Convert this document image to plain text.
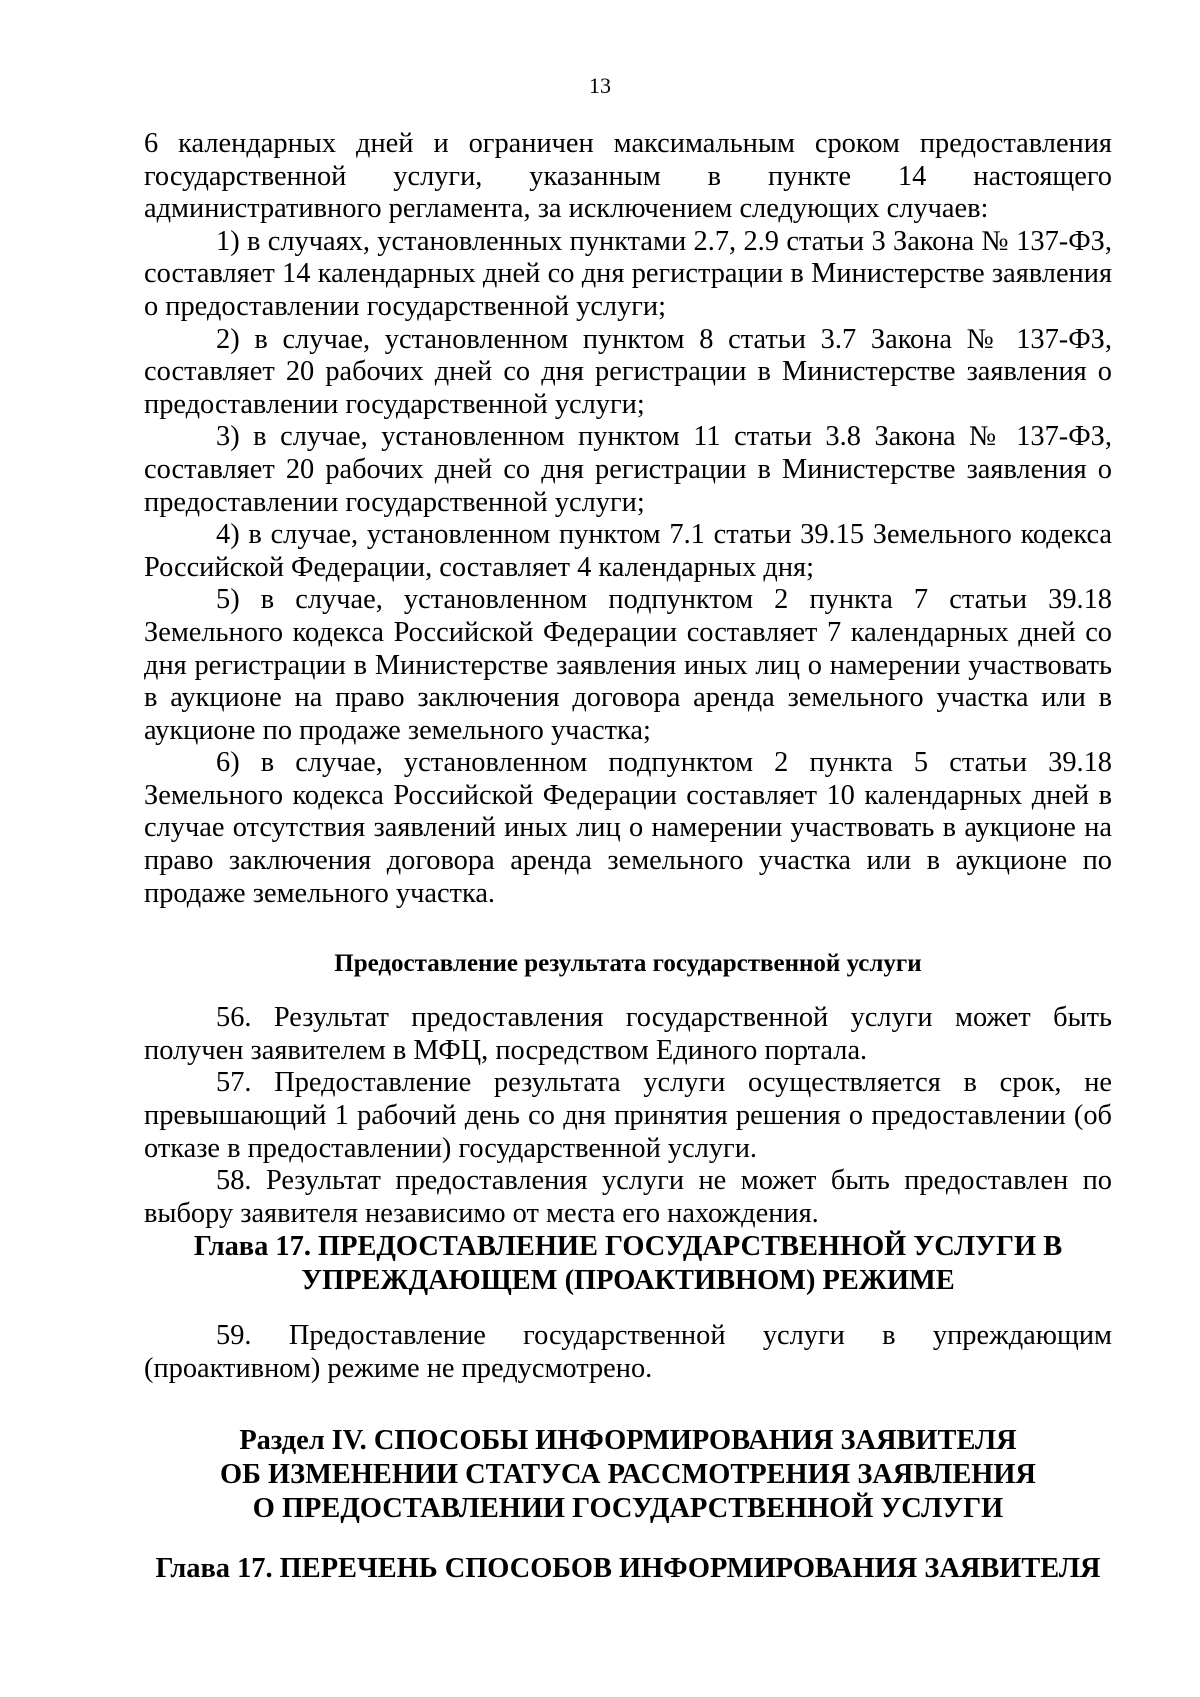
13

6 календарных дней и ограничен максимальным сроком предоставления государственной услуги, указанным в пункте 14 настоящего административного регламента, за исключением следующих случаев:

1) в случаях, установленных пунктами 2.7, 2.9 статьи 3 Закона № 137-ФЗ, составляет 14 календарных дней со дня регистрации в Министерстве заявления о предоставлении государственной услуги;

2) в случае, установленном пунктом 8 статьи 3.7 Закона № 137-ФЗ, составляет 20 рабочих дней со дня регистрации в Министерстве заявления о предоставлении государственной услуги;

3) в случае, установленном пунктом 11 статьи 3.8 Закона № 137-ФЗ, составляет 20 рабочих дней со дня регистрации в Министерстве заявления о предоставлении государственной услуги;

4) в случае, установленном пунктом 7.1 статьи 39.15 Земельного кодекса Российской Федерации, составляет 4 календарных дня;

5) в случае, установленном подпунктом 2 пункта 7 статьи 39.18 Земельного кодекса Российской Федерации составляет 7 календарных дней со дня регистрации в Министерстве заявления иных лиц о намерении участвовать в аукционе на право заключения договора аренда земельного участка или в аукционе по продаже земельного участка;

6) в случае, установленном подпунктом 2 пункта 5 статьи 39.18 Земельного кодекса Российской Федерации составляет 10 календарных дней в случае отсутствия заявлений иных лиц о намерении участвовать в аукционе на право заключения договора аренда земельного участка или в аукционе по продаже земельного участка.

Предоставление результата государственной услуги

56. Результат предоставления государственной услуги может быть получен заявителем в МФЦ, посредством Единого портала.

57. Предоставление результата услуги осуществляется в срок, не превышающий 1 рабочий день со дня принятия решения о предоставлении (об отказе в предоставлении) государственной услуги.

58. Результат предоставления услуги не может быть предоставлен по выбору заявителя независимо от места его нахождения.

Глава 17. ПРЕДОСТАВЛЕНИЕ ГОСУДАРСТВЕННОЙ УСЛУГИ В
УПРЕЖДАЮЩЕМ (ПРОАКТИВНОМ) РЕЖИМЕ

59. Предоставление государственной услуги в упреждающим (проактивном) режиме не предусмотрено.

Раздел IV. СПОСОБЫ ИНФОРМИРОВАНИЯ ЗАЯВИТЕЛЯ
ОБ ИЗМЕНЕНИИ СТАТУСА РАССМОТРЕНИЯ ЗАЯВЛЕНИЯ
О ПРЕДОСТАВЛЕНИИ ГОСУДАРСТВЕННОЙ УСЛУГИ
Глава 17. ПЕРЕЧЕНЬ СПОСОБОВ ИНФОРМИРОВАНИЯ ЗАЯВИТЕЛЯ
